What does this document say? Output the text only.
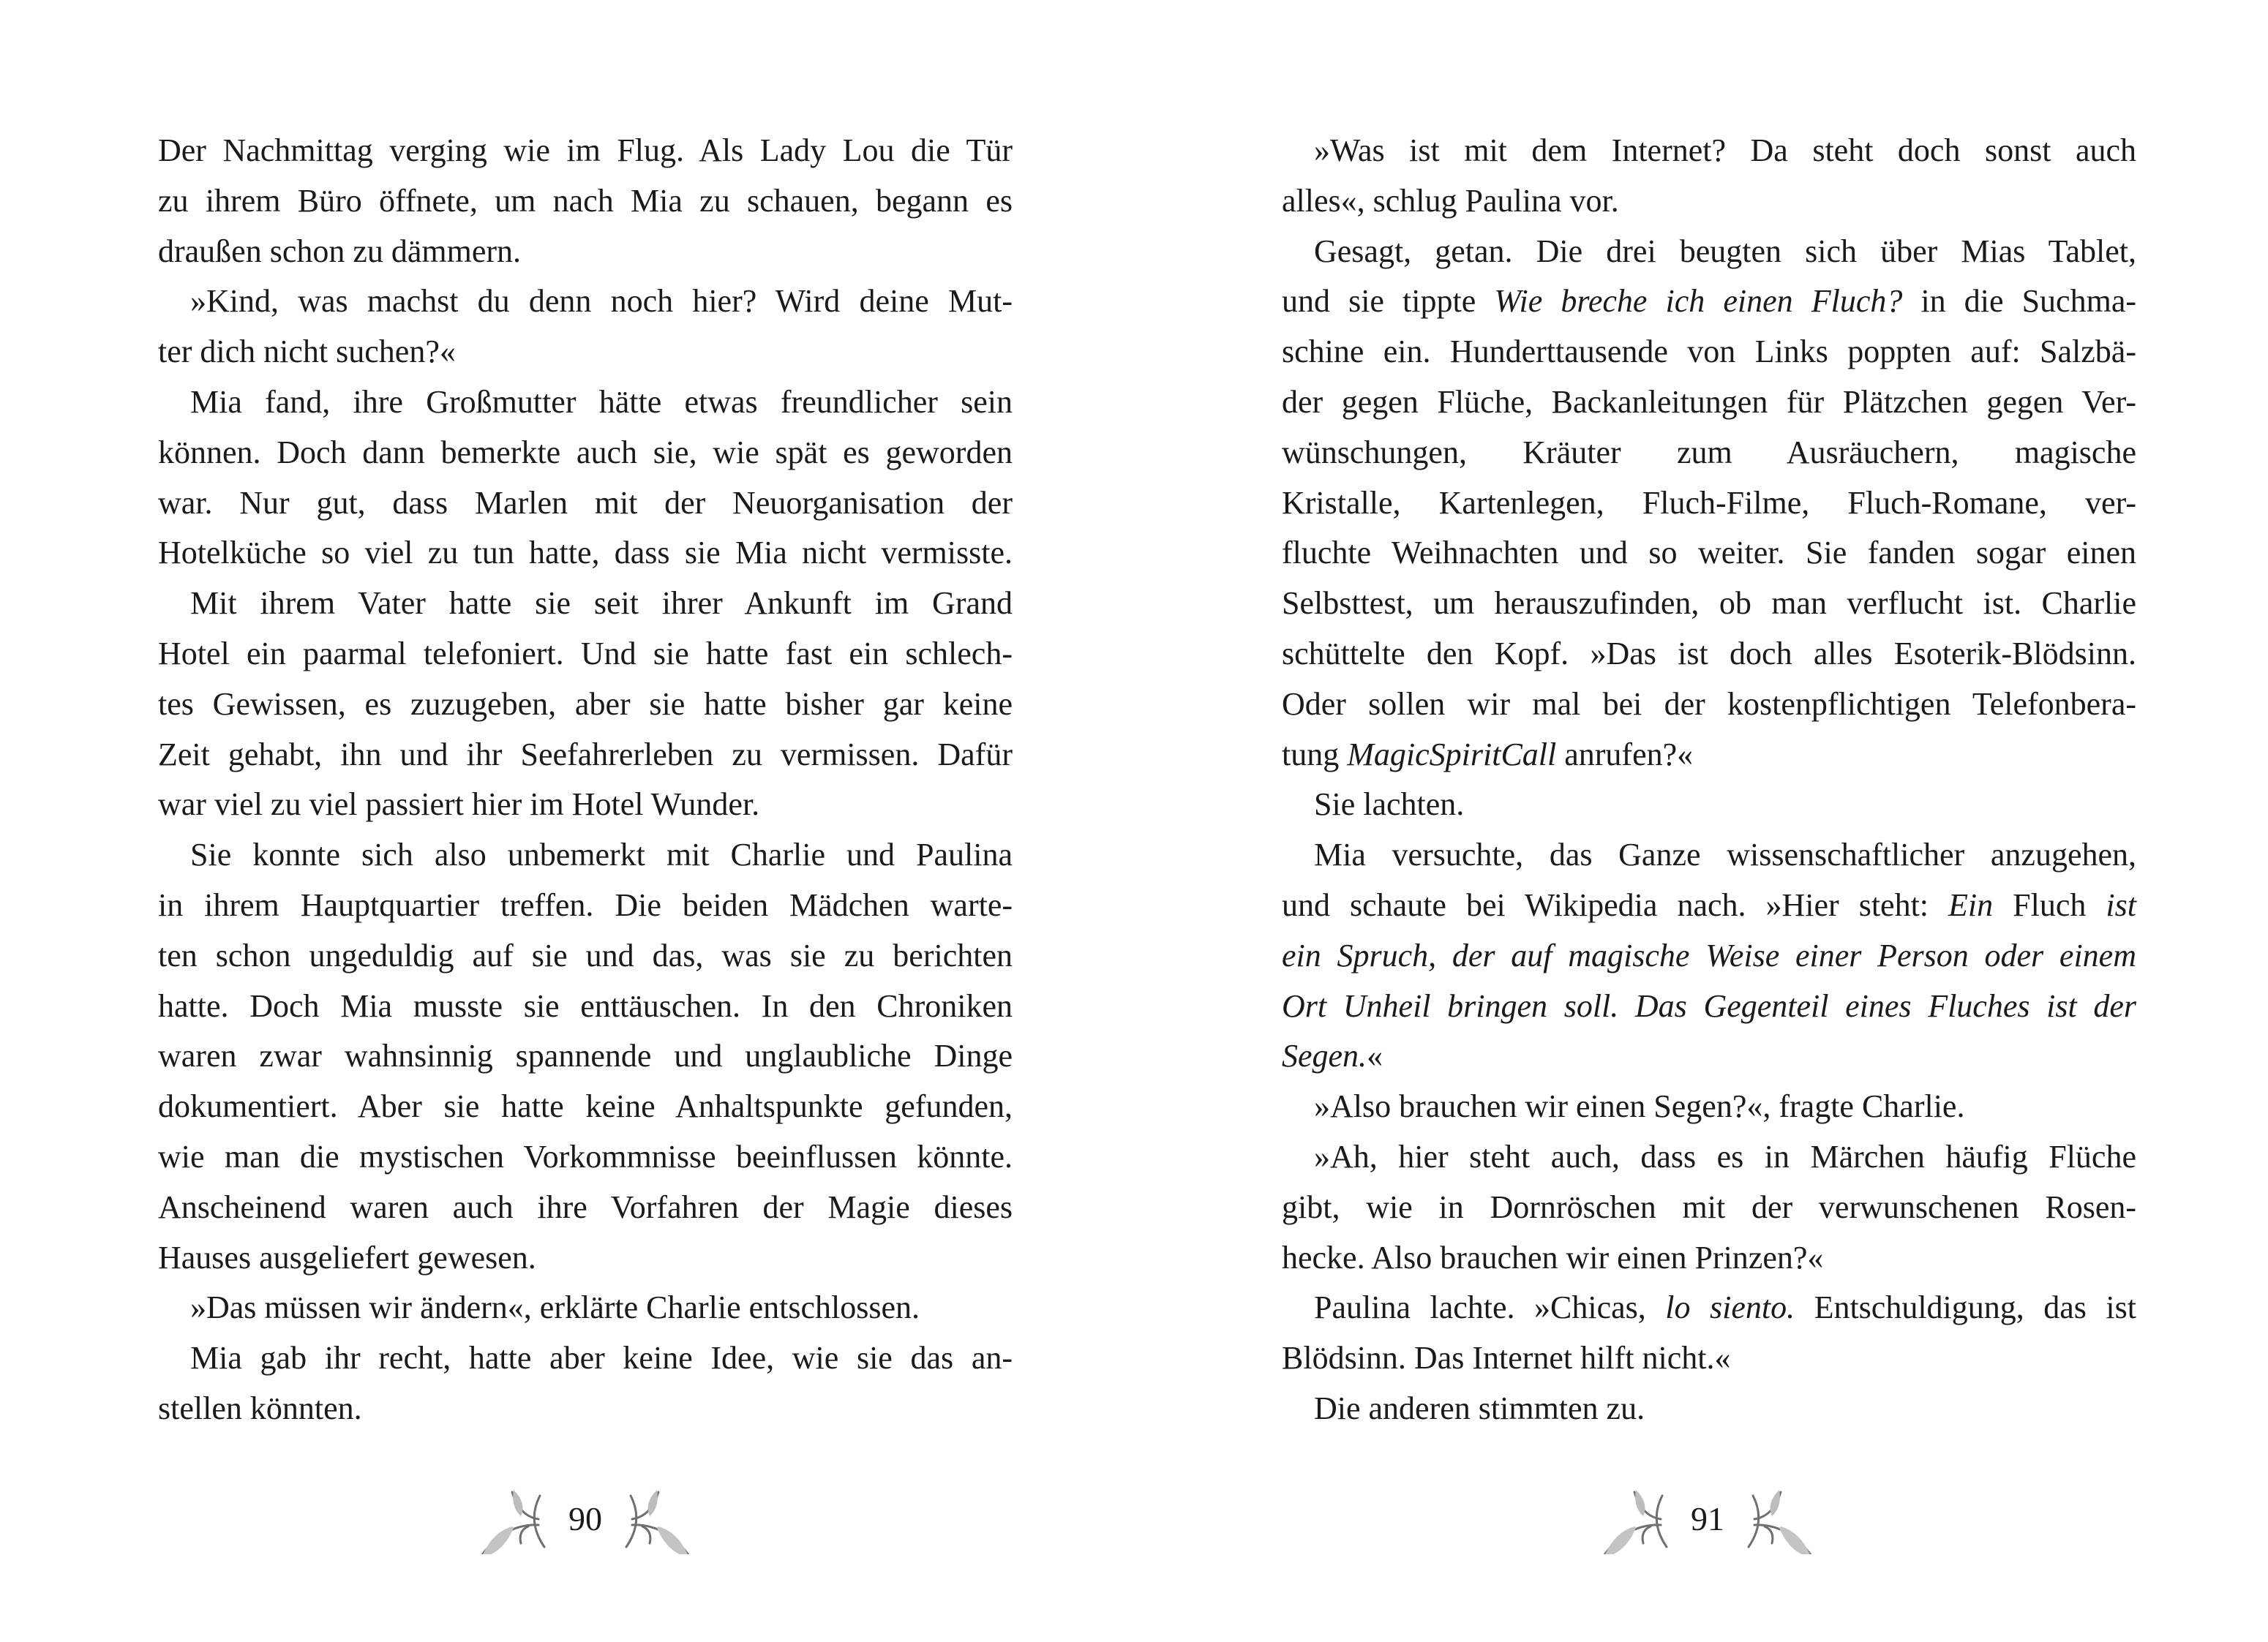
Der Nachmittag verging wie im Flug. Als Lady Lou die Tür
zu ihrem Büro öffnete, um nach Mia zu schauen, begann es
draußen schon zu dämmern.
»Kind, was machst du denn noch hier? Wird deine Mut-
ter dich nicht suchen?«
Mia fand, ihre Großmutter hätte etwas freundlicher sein
können. Doch dann bemerkte auch sie, wie spät es geworden
war. Nur gut, dass Marlen mit der Neuorganisation der
Hotelküche so viel zu tun hatte, dass sie Mia nicht vermisste.
Mit ihrem Vater hatte sie seit ihrer Ankunft im Grand
Hotel ein paarmal telefoniert. Und sie hatte fast ein schlech-
tes Gewissen, es zuzugeben, aber sie hatte bisher gar keine
Zeit gehabt, ihn und ihr Seefahrerleben zu vermissen. Dafür
war viel zu viel passiert hier im Hotel Wunder.
Sie konnte sich also unbemerkt mit Charlie und Paulina
in ihrem Hauptquartier treffen. Die beiden Mädchen warte-
ten schon ungeduldig auf sie und das, was sie zu berichten
hatte. Doch Mia musste sie enttäuschen. In den Chroniken
waren zwar wahnsinnig spannende und unglaubliche Dinge
dokumentiert. Aber sie hatte keine Anhaltspunkte gefunden,
wie man die mystischen Vorkommnisse beeinflussen könnte.
Anscheinend waren auch ihre Vorfahren der Magie dieses
Hauses ausgeliefert gewesen.
»Das müssen wir ändern«, erklärte Charlie entschlossen.
Mia gab ihr recht, hatte aber keine Idee, wie sie das an-
stellen könnten.
»Was ist mit dem Internet? Da steht doch sonst auch
alles«, schlug Paulina vor.
Gesagt, getan. Die drei beugten sich über Mias Tablet,
und sie tippte Wie breche ich einen Fluch? in die Suchma-
schine ein. Hunderttausende von Links poppten auf: Salzbä-
der gegen Flüche, Backanleitungen für Plätzchen gegen Ver-
wünschungen, Kräuter zum Ausräuchern, magische
Kristalle, Kartenlegen, Fluch-Filme, Fluch-Romane, ver-
fluchte Weihnachten und so weiter. Sie fanden sogar einen
Selbsttest, um herauszufinden, ob man verflucht ist. Charlie
schüttelte den Kopf. »Das ist doch alles Esoterik-Blödsinn.
Oder sollen wir mal bei der kostenpflichtigen Telefonbera-
tung MagicSpiritCall anrufen?«
Sie lachten.
Mia versuchte, das Ganze wissenschaftlicher anzugehen,
und schaute bei Wikipedia nach. »Hier steht: Ein Fluch ist
ein Spruch, der auf magische Weise einer Person oder einem
Ort Unheil bringen soll. Das Gegenteil eines Fluches ist der
Segen.«
»Also brauchen wir einen Segen?«, fragte Charlie.
»Ah, hier steht auch, dass es in Märchen häufig Flüche
gibt, wie in Dornröschen mit der verwunschenen Rosen-
hecke. Also brauchen wir einen Prinzen?«
Paulina lachte. »Chicas, lo siento. Entschuldigung, das ist
Blödsinn. Das Internet hilft nicht.«
Die anderen stimmten zu.
90	91
